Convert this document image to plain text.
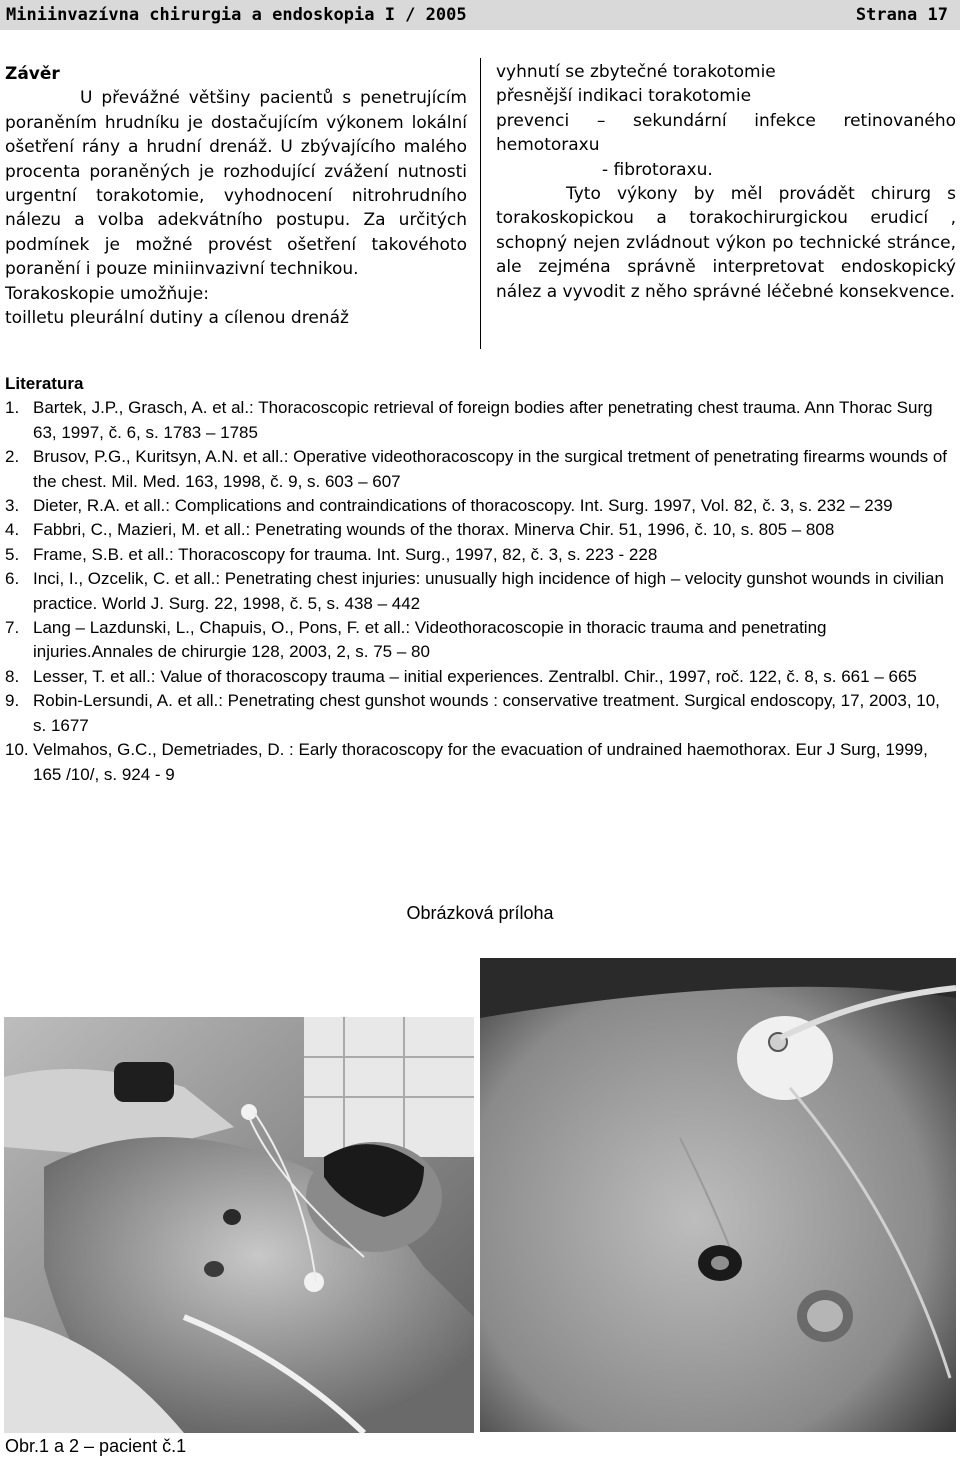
Miniinvazívna chirurgia a endoskopia I / 2005	Strana 17
Závěr

U převážné většiny pacientů s penetrujícím poraněním hrudníku je dostačujícím výkonem lokální ošetření rány a hrudní drenáž. U zbývajícího malého procenta poraněných je rozhodující zvážení nutnosti urgentní torakotomie, vyhodnocení nitrohrudního nálezu a volba adekvátního postupu. Za určitých podmínek je možné provést ošetření takovéhoto poranění i pouze miniinvazivní technikou.

Torakoskopie umožňuje:

toilletu pleurální dutiny a cílenou drenáž

vyhnutí se zbytečné torakotomie

přesnější indikaci torakotomie

prevenci – sekundární infekce retinovaného hemotoraxu

- fibrotoraxu.

Tyto výkony by měl provádět chirurg s torakoskopickou a torakochirurgickou erudicí , schopný nejen zvládnout výkon po technické stránce, ale zejména správně interpretovat endoskopický nález a vyvodit z něho správné léčebné konsekvence.

Literatura
1. Bartek, J.P., Grasch, A. et al.: Thoracoscopic retrieval of foreign bodies after penetrating chest trauma. Ann Thorac Surg 63, 1997, č. 6, s. 1783 – 1785
2. Brusov, P.G., Kuritsyn, A.N. et all.: Operative videothoracoscopy in the surgical tretment of penetrating firearms wounds of the chest. Mil. Med. 163, 1998, č. 9, s. 603 – 607
3. Dieter, R.A. et all.: Complications and contraindications of thoracoscopy. Int. Surg. 1997, Vol. 82, č. 3, s. 232 – 239
4. Fabbri, C., Mazieri, M. et all.: Penetrating wounds of the thorax. Minerva Chir. 51, 1996, č. 10, s. 805 – 808
5. Frame, S.B. et all.: Thoracoscopy for trauma. Int. Surg., 1997, 82, č. 3, s. 223 - 228
6. Inci, I., Ozcelik, C. et all.: Penetrating chest injuries: unusually high incidence of high – velocity gunshot wounds in civilian practice. World J. Surg. 22, 1998, č. 5, s. 438 – 442
7. Lang – Lazdunski, L., Chapuis, O., Pons, F. et all.: Videothoracoscopie in thoracic trauma and penetrating injuries.Annales de chirurgie 128, 2003, 2, s. 75 – 80
8. Lesser, T. et all.: Value of thoracoscopy trauma – initial experiences. Zentralbl. Chir., 1997, roč. 122, č. 8, s. 661 – 665
9. Robin-Lersundi, A. et all.: Penetrating chest gunshot wounds : conservative treatment. Surgical endoscopy, 17, 2003, 10, s. 1677
10. Velmahos, G.C., Demetriades, D. : Early thoracoscopy for the evacuation of undrained haemothorax. Eur J Surg, 1999, 165 /10/, s. 924 - 9
Obrázková príloha
Obr.1 a 2 – pacient č.1
